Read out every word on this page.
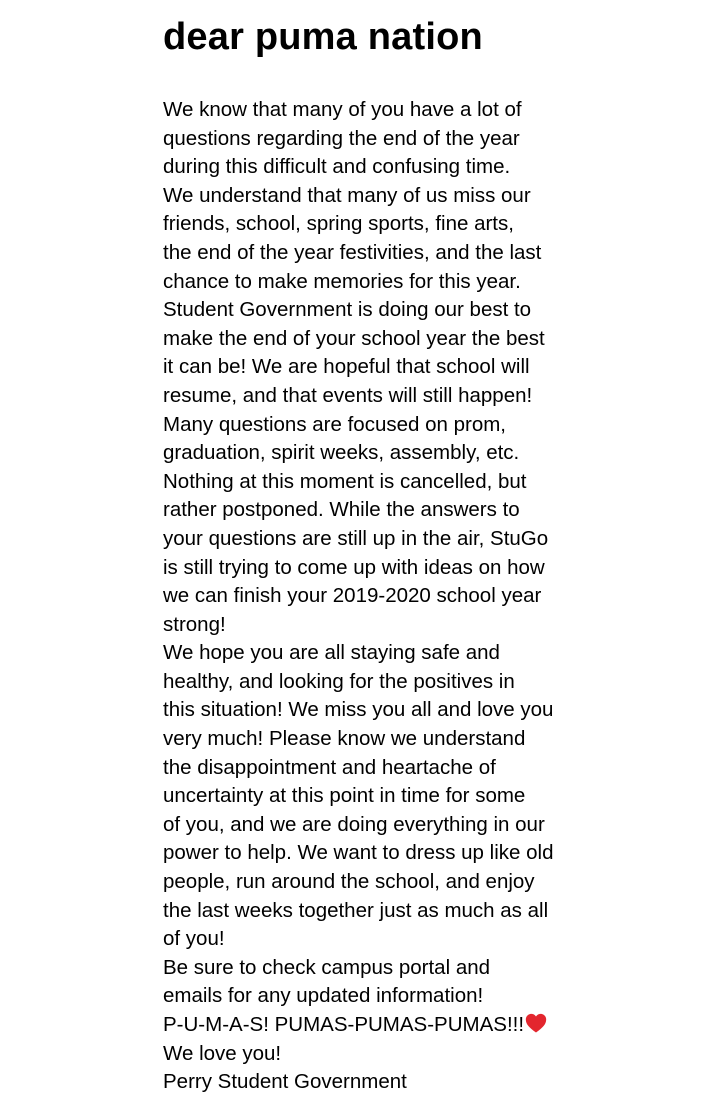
dear puma nation
We know that many of you have a lot of
questions regarding the end of the year
during this difficult and confusing time.
We understand that many of us miss our
friends, school, spring sports, fine arts,
the end of the year festivities, and the last
chance to make memories for this year.
Student Government is doing our best to
make the end of your school year the best
it can be! We are hopeful that school will
resume, and that events will still happen!
Many questions are focused on prom,
graduation, spirit weeks, assembly, etc.
Nothing at this moment is cancelled, but
rather postponed. While the answers to
your questions are still up in the air, StuGo
is still trying to come up with ideas on how
we can finish your 2019-2020 school year
strong!
We hope you are all staying safe and
healthy, and looking for the positives in
this situation! We miss you all and love you
very much! Please know we understand
the disappointment and heartache of
uncertainty at this point in time for some
of you, and we are doing everything in our
power to help. We want to dress up like old
people, run around the school, and enjoy
the last weeks together just as much as all
of you!
Be sure to check campus portal and
emails for any updated information!
P-U-M-A-S! PUMAS-PUMAS-PUMAS!!!
We love you!
Perry Student Government
